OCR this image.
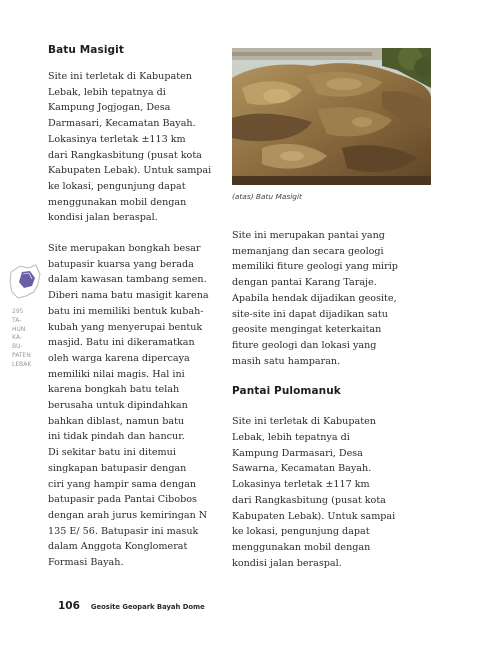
Batu Masigit

Site ini terletak di Kabupaten
Lebak, lebih tepatnya di
Kampung Jogjogan, Desa
Darmasari, Kecamatan Bayah.
Lokasinya terletak ±113 km
dari Rangkasbitung (pusat kota
Kabupaten Lebak). Untuk sampai
ke lokasi, pengunjung dapat
menggunakan mobil dengan
kondisi jalan beraspal.

Site merupakan bongkah besar
batupasir kuarsa yang berada
dalam kawasan tambang semen.
Diberi nama batu masigit karena
batu ini memiliki bentuk kubah-
kubah yang menyerupai bentuk
masjid. Batu ini dikeramatkan
oleh warga karena dipercaya
memiliki nilai magis. Hal ini
karena bongkah batu telah
berusaha untuk dipindahkan
bahkan diblast, namun batu
ini tidak pindah dan hancur.
Di sekitar batu ini ditemui
singkapan batupasir dengan
ciri yang hampir sama dengan
batupasir pada Pantai Cibobos
dengan arah jurus kemiringan N
135 E/ 56. Batupasir ini masuk
dalam Anggota Konglomerat
Formasi Bayah.

(atas) Batu Masigit

Site ini merupakan pantai yang
memanjang dan secara geologi
memiliki fiture geologi yang mirip
dengan pantai Karang Taraje.
Apabila hendak dijadikan geosite,
site-site ini dapat dijadikan satu
geosite mengingat keterkaitan
fiture geologi dan lokasi yang
masih satu hamparan.

Pantai Pulomanuk

Site ini terletak di Kabupaten
Lebak, lebih tepatnya di
Kampung Darmasari, Desa
Sawarna, Kecamatan Bayah.
Lokasinya terletak ±117 km
dari Rangkasbitung (pusat kota
Kabupaten Lebak). Untuk sampai
ke lokasi, pengunjung dapat
menggunakan mobil dengan
kondisi jalan beraspal.

295
TA-
HUN
KA-
BU-
PATEN
LEBAK
106 Geosite Geopark Bayah Dome
